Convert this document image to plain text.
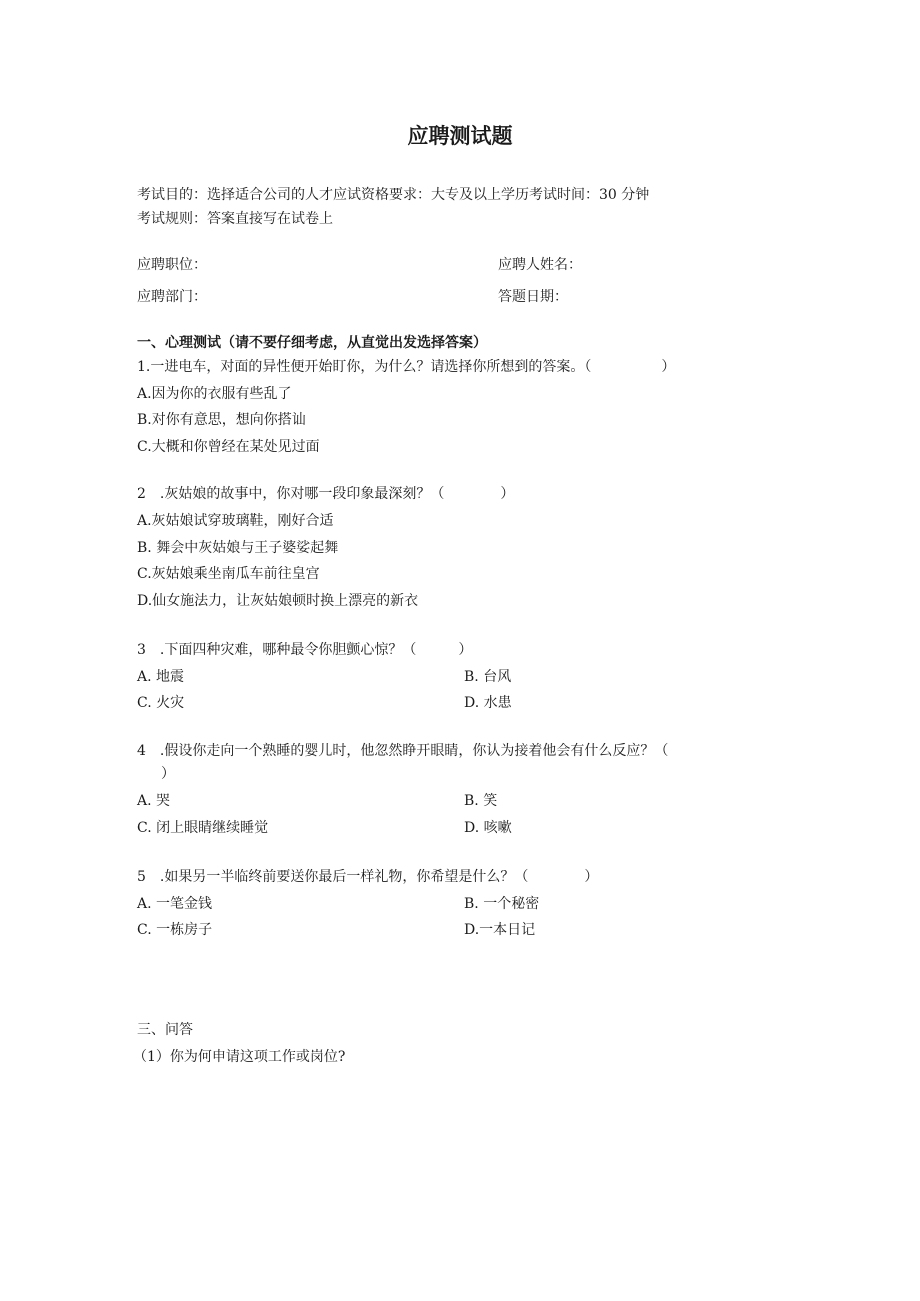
应聘测试题
考试目的：选择适合公司的人才应试资格要求：大专及以上学历考试时间：30 分钟
考试规则：答案直接写在试卷上
应聘职位：	应聘人姓名：
应聘部门：	答题日期：
一、心理测试（请不要仔细考虑，从直觉出发选择答案）
1.一进电车，对面的异性便开始盯你，为什么？请选择你所想到的答案。（　　　　　）
A.因为你的衣服有些乱了
B.对你有意思，想向你搭讪
C.大概和你曾经在某处见过面
2　.灰姑娘的故事中，你对哪一段印象最深刻？（　　　　）
A.灰姑娘试穿玻璃鞋，刚好合适
B. 舞会中灰姑娘与王子婆娑起舞
C.灰姑娘乘坐南瓜车前往皇宫
D.仙女施法力，让灰姑娘顿时换上漂亮的新衣
3　.下面四种灾难，哪种最令你胆颤心惊？（　　　）
A. 地震	B. 台风
C. 火灾	D. 水患
4　.假设你走向一个熟睡的婴儿时，他忽然睁开眼睛，你认为接着他会有什么反应？（
）
A. 哭	B. 笑
C. 闭上眼睛继续睡觉	D. 咳嗽
5　.如果另一半临终前要送你最后一样礼物，你希望是什么？（　　　　）
A. 一笔金钱	B. 一个秘密
C. 一栋房子	D.一本日记
三、问答
（1）你为何申请这项工作或岗位?
